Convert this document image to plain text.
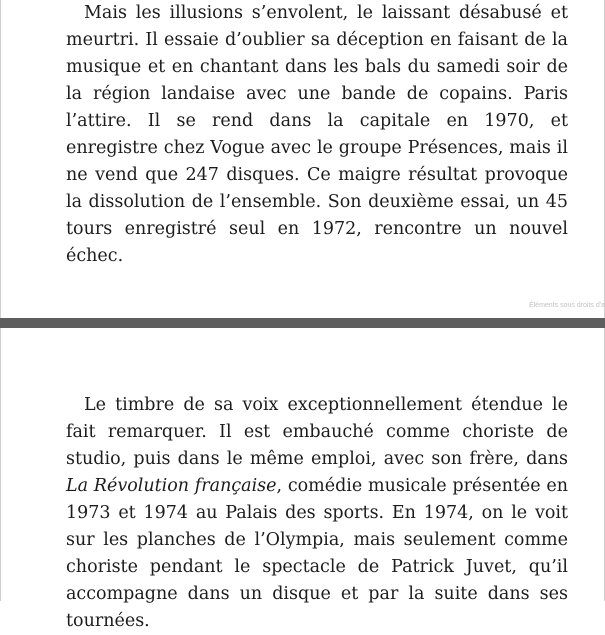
Mais les illusions s’envolent, le laissant désabusé et meurtri. Il essaie d’oublier sa déception en faisant de la musique et en chantant dans les bals du samedi soir de la région landaise avec une bande de copains. Paris l’attire. Il se rend dans la capitale en 1970, et enregistre chez Vogue avec le groupe Présences, mais il ne vend que 247 disques. Ce maigre résultat provoque la dissolution de l’ensemble. Son deuxième essai, un 45 tours enregistré seul en 1972, rencontre un nouvel échec.

Éléments sous droits d'a

Le timbre de sa voix exceptionnellement étendue le fait remarquer. Il est embauché comme choriste de studio, puis dans le même emploi, avec son frère, dans La Révolution française, comédie musicale présentée en 1973 et 1974 au Palais des sports. En 1974, on le voit sur les planches de l’Olympia, mais seulement comme choriste pendant le spectacle de Patrick Juvet, qu’il accompagne dans un disque et par la suite dans ses tournées.
